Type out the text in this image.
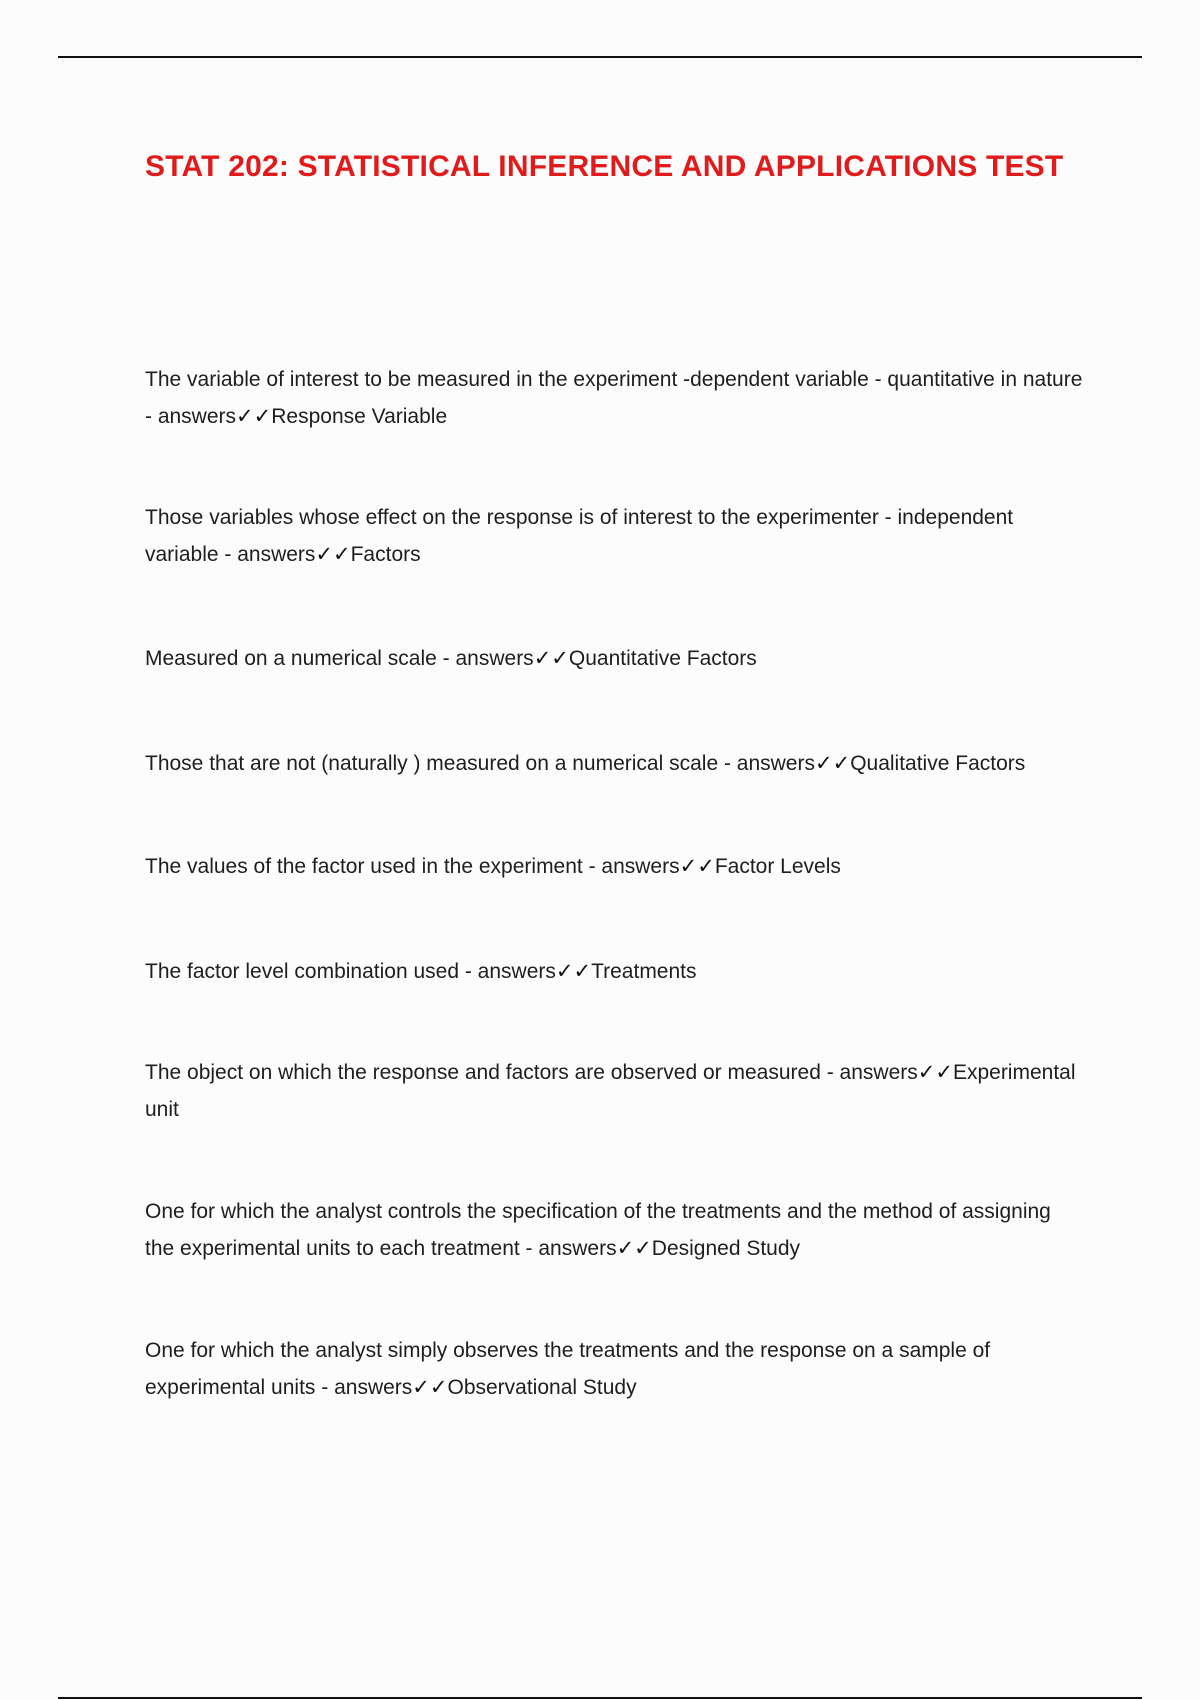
STAT 202: STATISTICAL INFERENCE AND APPLICATIONS TEST

The variable of interest to be measured in the experiment -dependent variable - quantitative in nature - answers✓✓Response Variable

Those variables whose effect on the response is of interest to the experimenter - independent variable - answers✓✓Factors

Measured on a numerical scale - answers✓✓Quantitative Factors

Those that are not (naturally ) measured on a numerical scale - answers✓✓Qualitative Factors

The values of the factor used in the experiment - answers✓✓Factor Levels

The factor level combination used - answers✓✓Treatments

The object on which the response and factors are observed or measured - answers✓✓Experimental unit

One for which the analyst controls the specification of the treatments and the method of assigning the experimental units to each treatment - answers✓✓Designed Study

One for which the analyst simply observes the treatments and the response on a sample of experimental units - answers✓✓Observational Study
